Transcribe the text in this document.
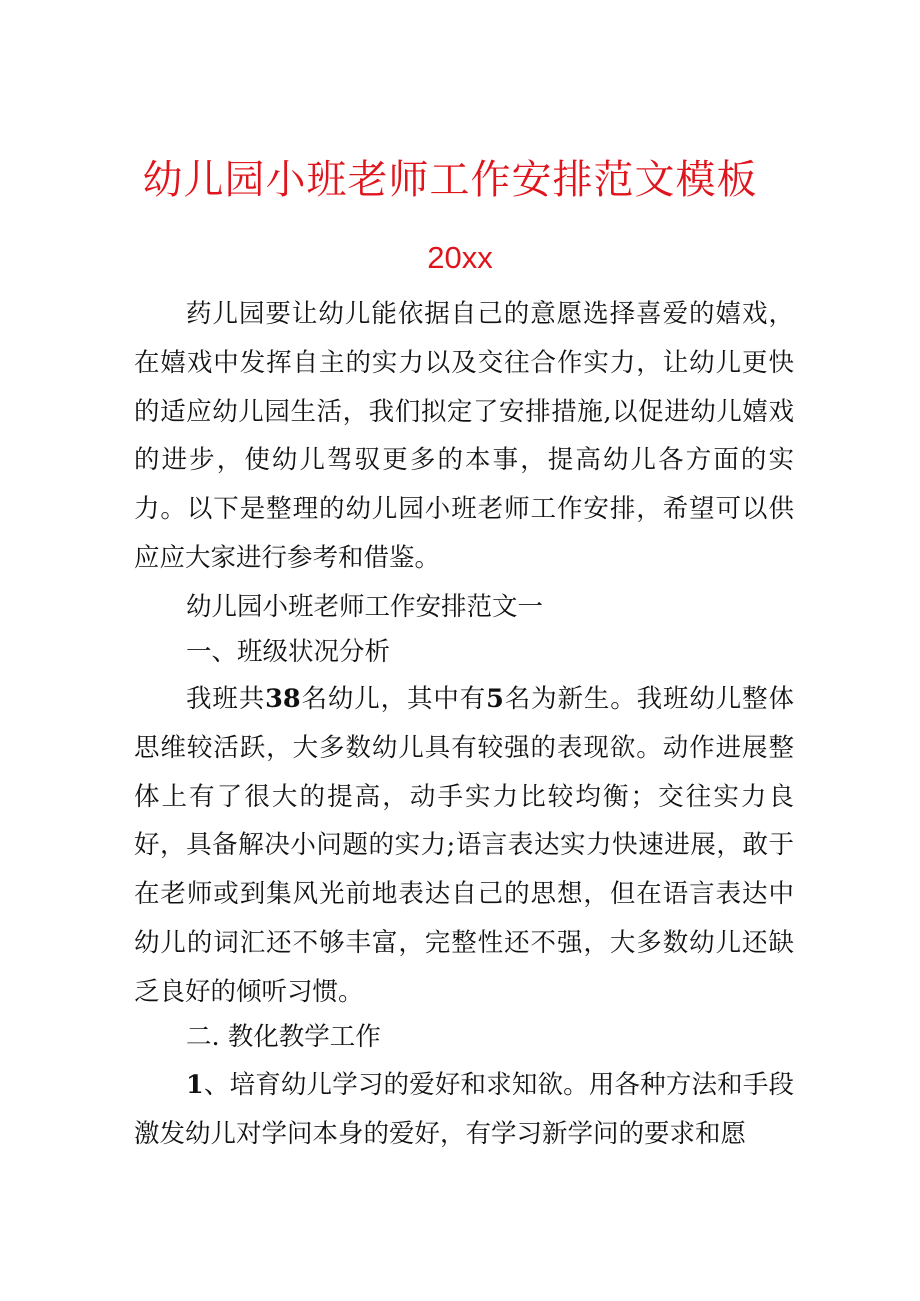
幼儿园小班老师工作安排范文模板
20xx

药儿园要让幼儿能依据自己的意愿选择喜爱的嬉戏，在嬉戏中发挥自主的实力以及交往合作实力，让幼儿更快的适应幼儿园生活，我们拟定了安排措施,以促进幼儿嬉戏的进步，使幼儿驾驭更多的本事，提高幼儿各方面的实力。以下是整理的幼儿园小班老师工作安排，希望可以供应应大家进行参考和借鉴。

幼儿园小班老师工作安排范文一

一、班级状况分析

我班共38名幼儿，其中有5名为新生。我班幼儿整体思维较活跃，大多数幼儿具有较强的表现欲。动作进展整体上有了很大的提高，动手实力比较均衡；交往实力良好，具备解决小问题的实力;语言表达实力快速进展，敢于在老师或到集风光前地表达自己的思想，但在语言表达中幼儿的词汇还不够丰富，完整性还不强，大多数幼儿还缺乏良好的倾听习惯。

二. 教化教学工作

1、培育幼儿学习的爱好和求知欲。用各种方法和手段激发幼儿对学问本身的爱好，有学习新学问的要求和愿
